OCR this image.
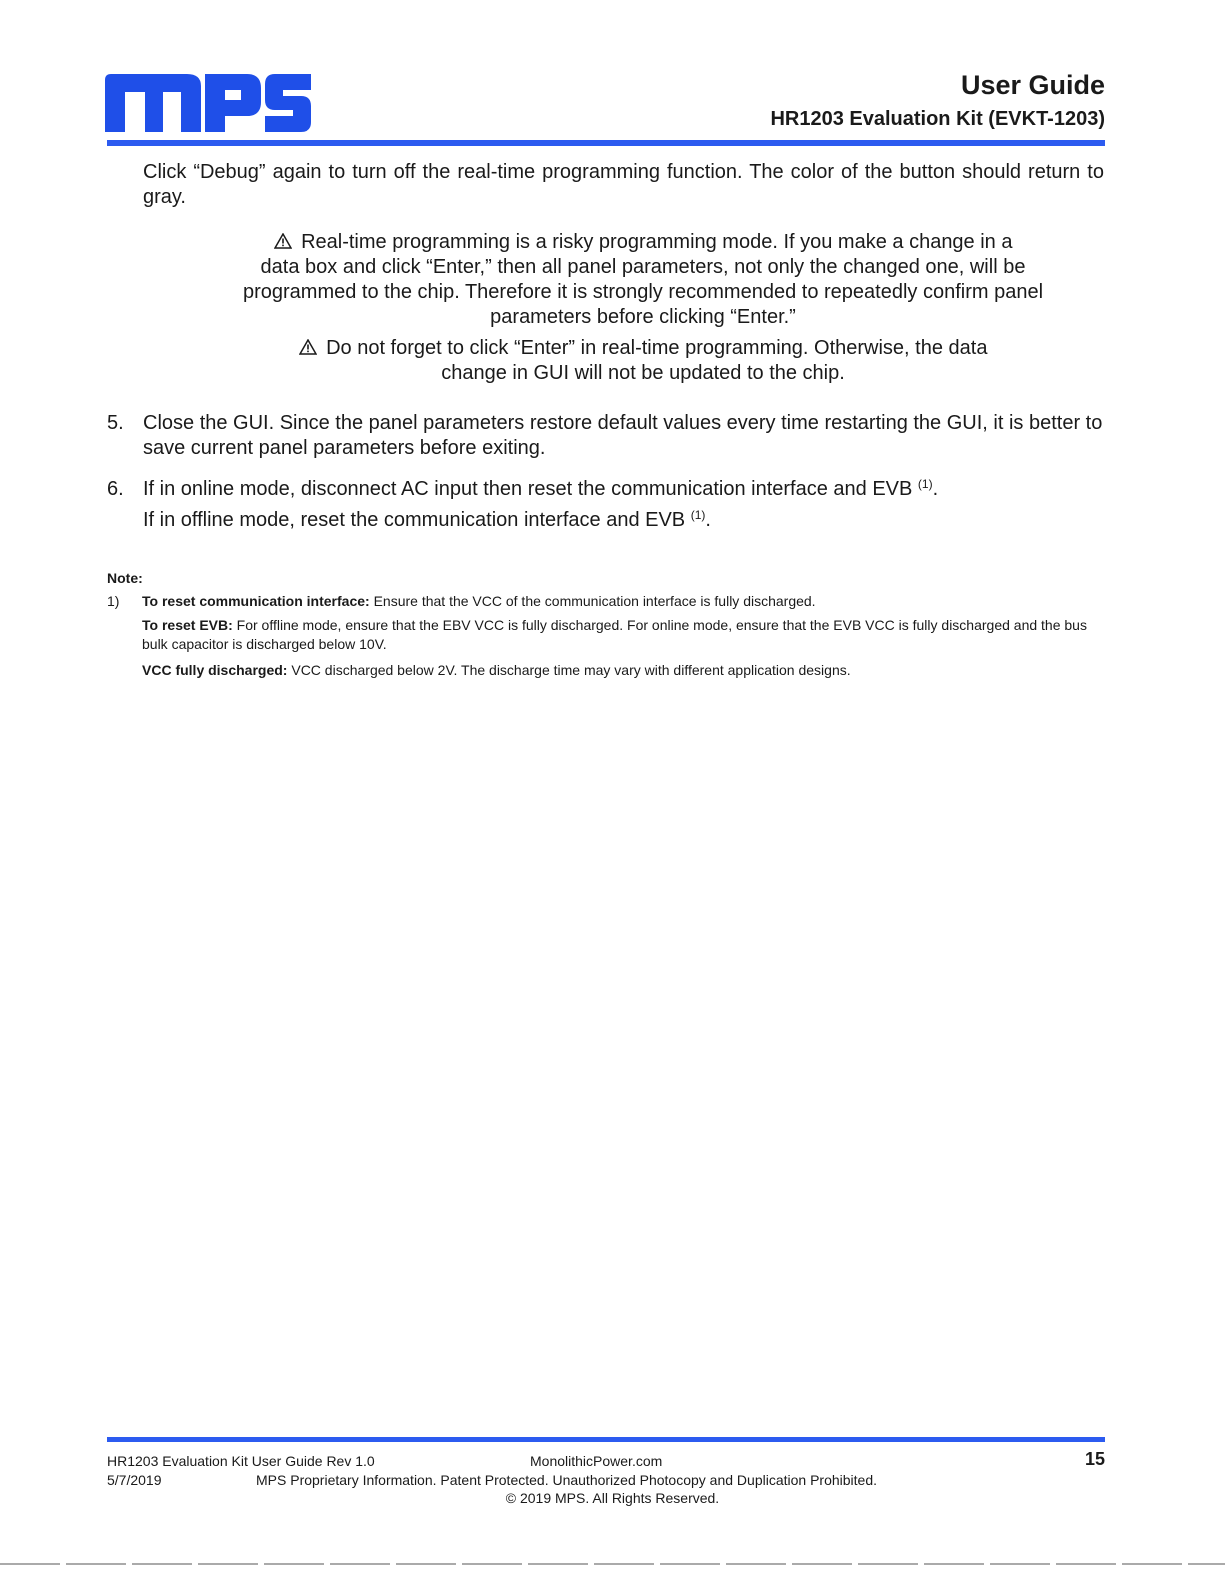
User Guide
HR1203 Evaluation Kit (EVKT-1203)
Click “Debug” again to turn off the real-time programming function. The color of the button should return to gray.
Real-time programming is a risky programming mode. If you make a change in a
data box and click “Enter,” then all panel parameters, not only the changed one, will be
programmed to the chip. Therefore it is strongly recommended to repeatedly confirm panel
parameters before clicking “Enter.”
Do not forget to click “Enter” in real-time programming. Otherwise, the data
change in GUI will not be updated to the chip.
5. Close the GUI. Since the panel parameters restore default values every time restarting the GUI, it is better to save current panel parameters before exiting.
6. If in online mode, disconnect AC input then reset the communication interface and EVB $^{(1)}$.
If in offline mode, reset the communication interface and EVB $^{(1)}$.
Note:
1) To reset communication interface: Ensure that the VCC of the communication interface is fully discharged.
To reset EVB: For offline mode, ensure that the EBV VCC is fully discharged. For online mode, ensure that the EVB VCC is fully discharged and the bus bulk capacitor is discharged below 10V.
VCC fully discharged: VCC discharged below 2V. The discharge time may vary with different application designs.
HR1203 Evaluation Kit User Guide Rev 1.0	MonolithicPower.com	15
5/7/2019	MPS Proprietary Information. Patent Protected. Unauthorized Photocopy and Duplication Prohibited.
© 2019 MPS. All Rights Reserved.
